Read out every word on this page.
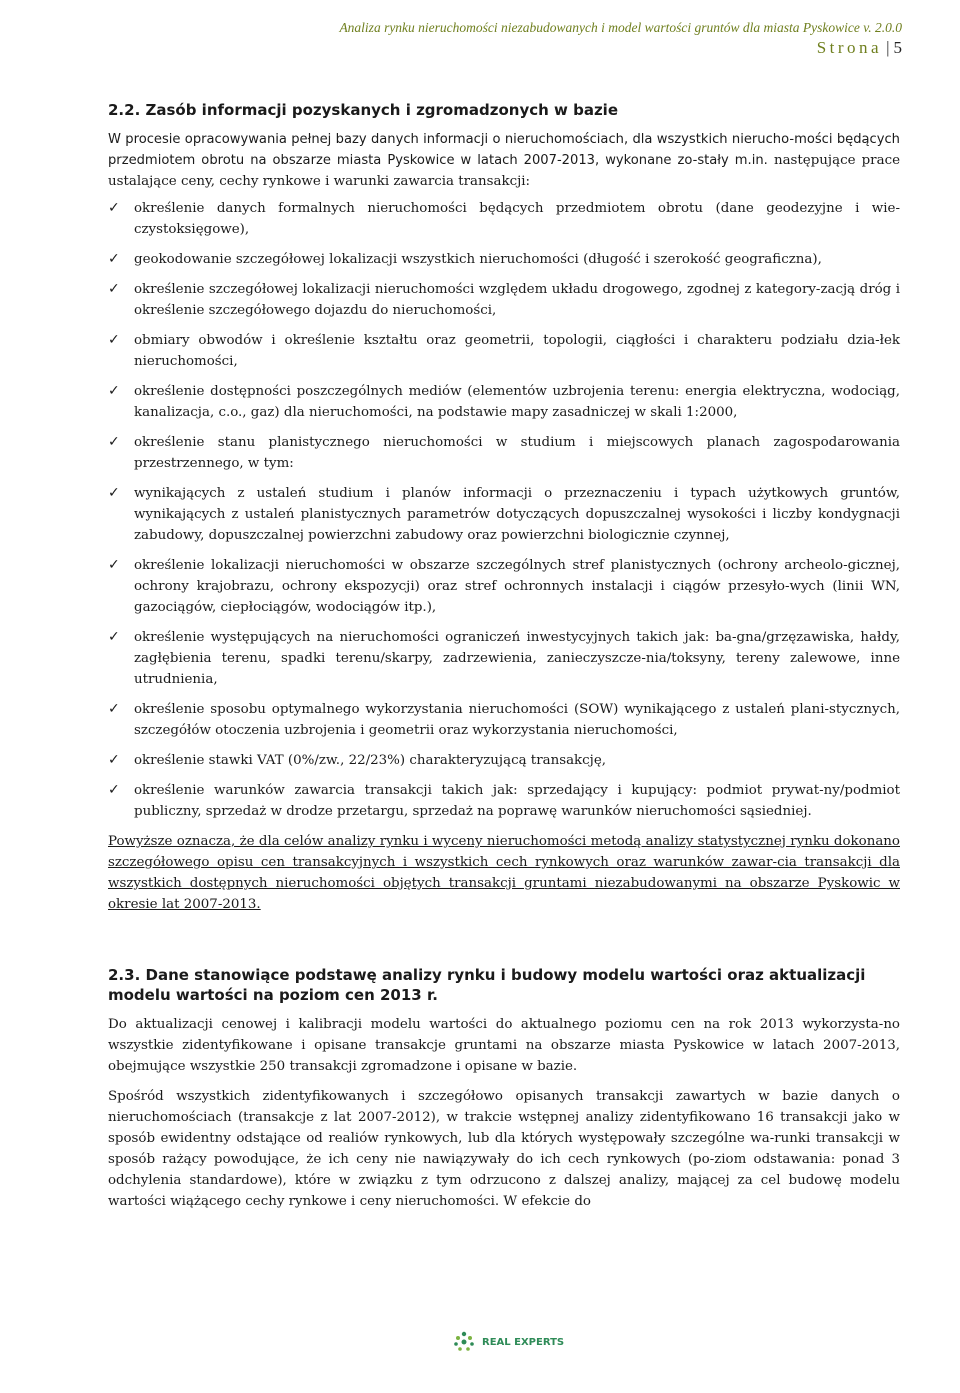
Analiza rynku nieruchomości niezabudowanych i model wartości gruntów dla miasta Pyskowice v. 2.0.0
Strona | 5
2.2. Zasób informacji pozyskanych i zgromadzonych w bazie

W procesie opracowywania pełnej bazy danych informacji o nieruchomościach, dla wszystkich nierucho-mości będących przedmiotem obrotu na obszarze miasta Pyskowice w latach 2007-2013, wykonane zo-stały m.in. następujące prace ustalające ceny, cechy rynkowe i warunki zawarcia transakcji:

✓ określenie danych formalnych nieruchomości będących przedmiotem obrotu (dane geodezyjne i wie-czystoksięgowe),
✓ geokodowanie szczegółowej lokalizacji wszystkich nieruchomości (długość i szerokość geograficzna),
✓ określenie szczegółowej lokalizacji nieruchomości względem układu drogowego, zgodnej z kategory-zacją dróg i określenie szczegółowego dojazdu do nieruchomości,
✓ obmiary obwodów i określenie kształtu oraz geometrii, topologii, ciągłości i charakteru podziału dzia-łek nieruchomości,
✓ określenie dostępności poszczególnych mediów (elementów uzbrojenia terenu: energia elektryczna, wodociąg, kanalizacja, c.o., gaz) dla nieruchomości, na podstawie mapy zasadniczej w skali 1:2000,
✓ określenie stanu planistycznego nieruchomości w studium i miejscowych planach zagospodarowania przestrzennego, w tym:
✓ wynikających z ustaleń studium i planów informacji o przeznaczeniu i typach użytkowych gruntów, wynikających z ustaleń planistycznych parametrów dotyczących dopuszczalnej wysokości i liczby kondygnacji zabudowy, dopuszczalnej powierzchni zabudowy oraz powierzchni biologicznie czynnej,
✓ określenie lokalizacji nieruchomości w obszarze szczególnych stref planistycznych (ochrony archeolo-gicznej, ochrony krajobrazu, ochrony ekspozycji) oraz stref ochronnych instalacji i ciągów przesyło-wych (linii WN, gazociągów, ciepłociągów, wodociągów itp.),
✓ określenie występujących na nieruchomości ograniczeń inwestycyjnych takich jak: ba-gna/grzęzawiska, hałdy, zagłębienia terenu, spadki terenu/skarpy, zadrzewienia, zanieczyszcze-nia/toksyny, tereny zalewowe, inne utrudnienia,
✓ określenie sposobu optymalnego wykorzystania nieruchomości (SOW) wynikającego z ustaleń plani-stycznych, szczegółów otoczenia uzbrojenia i geometrii oraz wykorzystania nieruchomości,
✓ określenie stawki VAT (0%/zw., 22/23%) charakteryzującą transakcję,
✓ określenie warunków zawarcia transakcji takich jak: sprzedający i kupujący: podmiot prywat-ny/podmiot publiczny, sprzedaż w drodze przetargu, sprzedaż na poprawę warunków nieruchomości sąsiedniej.

Powyższe oznacza, że dla celów analizy rynku i wyceny nieruchomości metodą analizy statystycznej rynku dokonano szczegółowego opisu cen transakcyjnych i wszystkich cech rynkowych oraz warunków zawar-cia transakcji dla wszystkich dostępnych nieruchomości objętych transakcji gruntami niezabudowanymi na obszarze Pyskowic w okresie lat 2007-2013.

2.3. Dane stanowiące podstawę analizy rynku i budowy modelu wartości oraz aktualizacji modelu wartości na poziom cen 2013 r.

Do aktualizacji cenowej i kalibracji modelu wartości do aktualnego poziomu cen na rok 2013 wykorzysta-no wszystkie zidentyfikowane i opisane transakcje gruntami na obszarze miasta Pyskowice w latach 2007-2013, obejmujące wszystkie 250 transakcji zgromadzone i opisane w bazie.

Spośród wszystkich zidentyfikowanych i szczegółowo opisanych transakcji zawartych w bazie danych o nieruchomościach (transakcje z lat 2007-2012), w trakcie wstępnej analizy zidentyfikowano 16 transakcji jako w sposób ewidentny odstające od realiów rynkowych, lub dla których występowały szczególne wa-runki transakcji w sposób rażący powodujące, że ich ceny nie nawiązywały do ich cech rynkowych (po-ziom odstawania: ponad 3 odchylenia standardowe), które w związku z tym odrzucono z dalszej analizy, mającej za cel budowę modelu wartości wiążącego cechy rynkowe i ceny nieruchomości. W efekcie do

REAL EXPERTS
